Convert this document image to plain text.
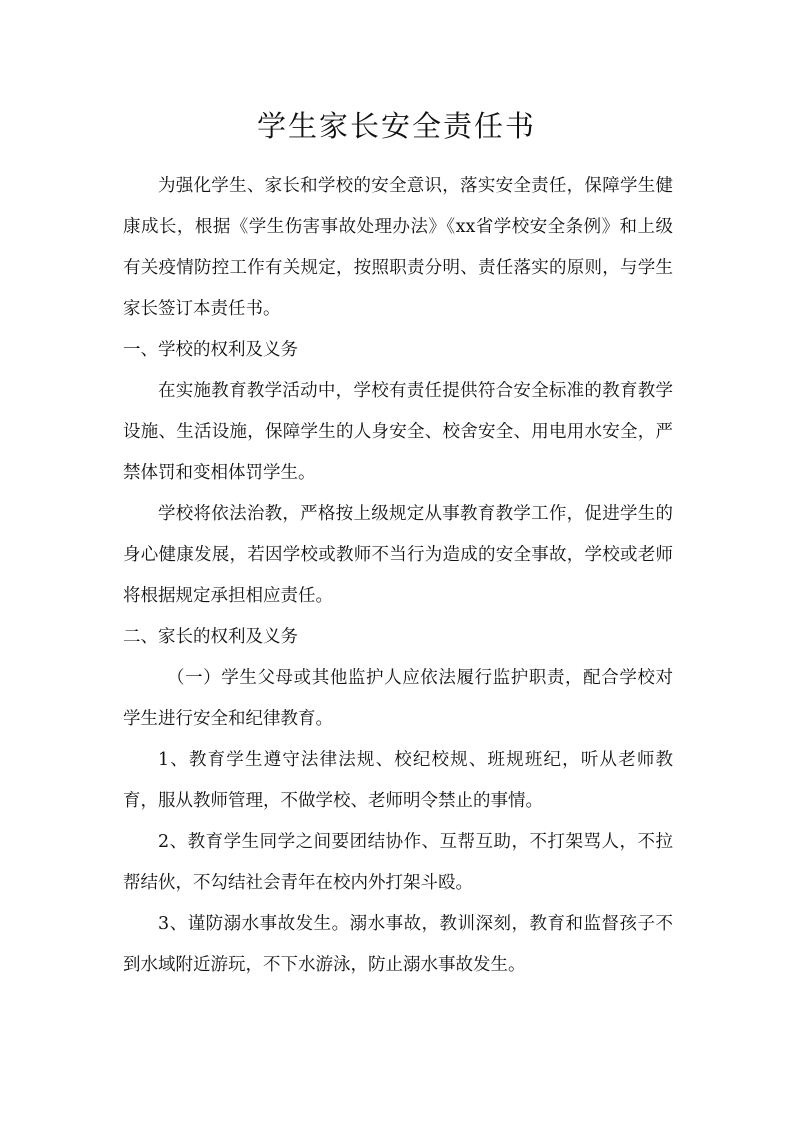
学生家长安全责任书

为强化学生、家长和学校的安全意识，落实安全责任，保障学生健康成长，根据《学生伤害事故处理办法》《xx省学校安全条例》和上级有关疫情防控工作有关规定，按照职责分明、责任落实的原则，与学生家长签订本责任书。

一、学校的权利及义务

在实施教育教学活动中，学校有责任提供符合安全标准的教育教学设施、生活设施，保障学生的人身安全、校舍安全、用电用水安全，严禁体罚和变相体罚学生。

学校将依法治教，严格按上级规定从事教育教学工作，促进学生的身心健康发展，若因学校或教师不当行为造成的安全事故，学校或老师将根据规定承担相应责任。

二、家长的权利及义务

（一）学生父母或其他监护人应依法履行监护职责，配合学校对学生进行安全和纪律教育。

1、教育学生遵守法律法规、校纪校规、班规班纪，听从老师教育，服从教师管理，不做学校、老师明令禁止的事情。

2、教育学生同学之间要团结协作、互帮互助，不打架骂人，不拉帮结伙，不勾结社会青年在校内外打架斗殴。

3、谨防溺水事故发生。溺水事故，教训深刻，教育和监督孩子不到水域附近游玩，不下水游泳，防止溺水事故发生。
